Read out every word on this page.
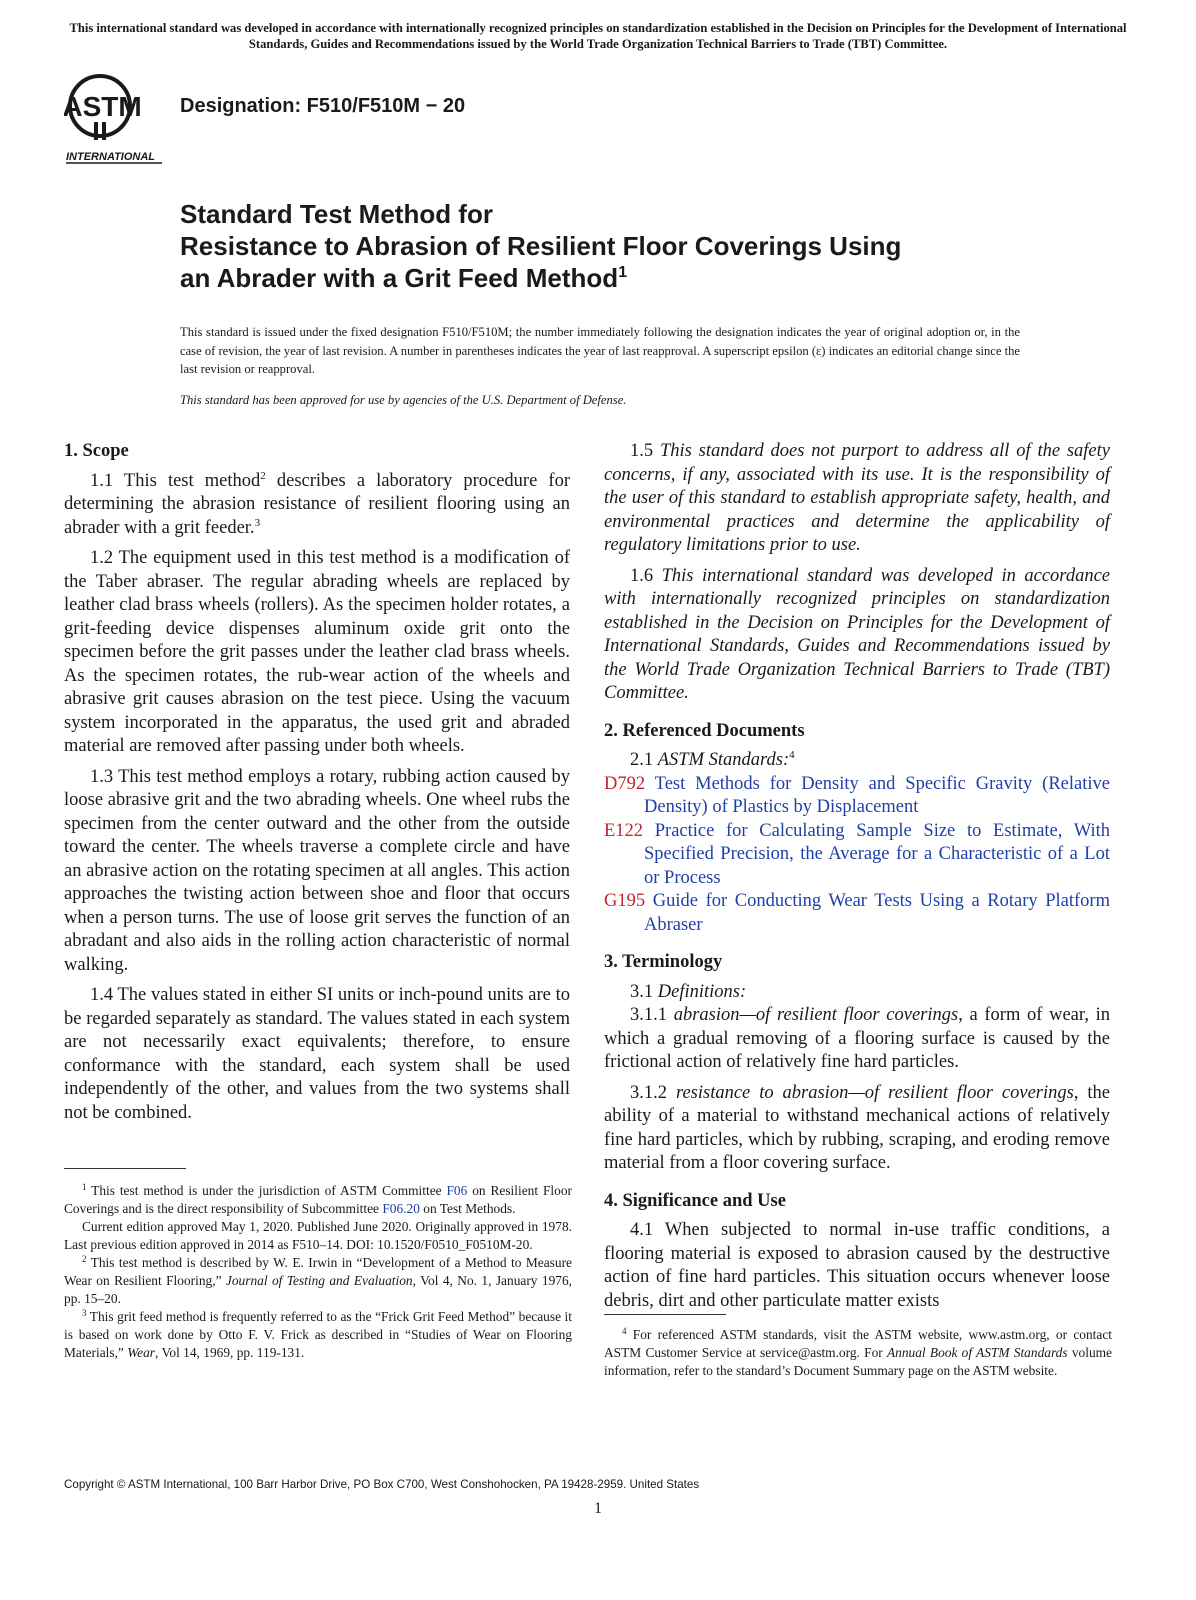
This international standard was developed in accordance with internationally recognized principles on standardization established in the Decision on Principles for the Development of International Standards, Guides and Recommendations issued by the World Trade Organization Technical Barriers to Trade (TBT) Committee.
ASTM
INTERNATIONAL
Designation: F510/F510M − 20
Standard Test Method for
Resistance to Abrasion of Resilient Floor Coverings Using
an Abrader with a Grit Feed Method$^1$
This standard is issued under the fixed designation F510/F510M; the number immediately following the designation indicates the year of original adoption or, in the case of revision, the year of last revision. A number in parentheses indicates the year of last reapproval. A superscript epsilon (ε) indicates an editorial change since the last revision or reapproval.
This standard has been approved for use by agencies of the U.S. Department of Defense.
1. Scope

1.1 This test method$^2$ describes a laboratory procedure for determining the abrasion resistance of resilient flooring using an abrader with a grit feeder.$^3$

1.2 The equipment used in this test method is a modification of the Taber abraser. The regular abrading wheels are replaced by leather clad brass wheels (rollers). As the specimen holder rotates, a grit-feeding device dispenses aluminum oxide grit onto the specimen before the grit passes under the leather clad brass wheels. As the specimen rotates, the rub-wear action of the wheels and abrasive grit causes abrasion on the test piece. Using the vacuum system incorporated in the apparatus, the used grit and abraded material are removed after passing under both wheels.

1.3 This test method employs a rotary, rubbing action caused by loose abrasive grit and the two abrading wheels. One wheel rubs the specimen from the center outward and the other from the outside toward the center. The wheels traverse a complete circle and have an abrasive action on the rotating specimen at all angles. This action approaches the twisting action between shoe and floor that occurs when a person turns. The use of loose grit serves the function of an abradant and also aids in the rolling action characteristic of normal walking.

1.4 The values stated in either SI units or inch-pound units are to be regarded separately as standard. The values stated in each system are not necessarily exact equivalents; therefore, to ensure conformance with the standard, each system shall be used independently of the other, and values from the two systems shall not be combined.

$^1$ This test method is under the jurisdiction of ASTM Committee F06 on Resilient Floor Coverings and is the direct responsibility of Subcommittee F06.20 on Test Methods.

Current edition approved May 1, 2020. Published June 2020. Originally approved in 1978. Last previous edition approved in 2014 as F510–14. DOI: 10.1520/F0510_F0510M-20.

$^2$ This test method is described by W. E. Irwin in “Development of a Method to Measure Wear on Resilient Flooring,” Journal of Testing and Evaluation, Vol 4, No. 1, January 1976, pp. 15–20.

$^3$ This grit feed method is frequently referred to as the “Frick Grit Feed Method” because it is based on work done by Otto F. V. Frick as described in “Studies of Wear on Flooring Materials,” Wear, Vol 14, 1969, pp. 119-131.

1.5 This standard does not purport to address all of the safety concerns, if any, associated with its use. It is the responsibility of the user of this standard to establish appropriate safety, health, and environmental practices and determine the applicability of regulatory limitations prior to use.

1.6 This international standard was developed in accordance with internationally recognized principles on standardization established in the Decision on Principles for the Development of International Standards, Guides and Recommendations issued by the World Trade Organization Technical Barriers to Trade (TBT) Committee.

2. Referenced Documents

2.1 ASTM Standards:$^4$

D792 Test Methods for Density and Specific Gravity (Relative Density) of Plastics by Displacement
E122 Practice for Calculating Sample Size to Estimate, With Specified Precision, the Average for a Characteristic of a Lot or Process
G195 Guide for Conducting Wear Tests Using a Rotary Platform Abraser
3. Terminology

3.1 Definitions:

3.1.1 abrasion—of resilient floor coverings, a form of wear, in which a gradual removing of a flooring surface is caused by the frictional action of relatively fine hard particles.

3.1.2 resistance to abrasion—of resilient floor coverings, the ability of a material to withstand mechanical actions of relatively fine hard particles, which by rubbing, scraping, and eroding remove material from a floor covering surface.

4. Significance and Use

4.1 When subjected to normal in-use traffic conditions, a flooring material is exposed to abrasion caused by the destructive action of fine hard particles. This situation occurs whenever loose debris, dirt and other particulate matter exists

$^4$ For referenced ASTM standards, visit the ASTM website, www.astm.org, or contact ASTM Customer Service at service@astm.org. For Annual Book of ASTM Standards volume information, refer to the standard’s Document Summary page on the ASTM website.

Copyright © ASTM International, 100 Barr Harbor Drive, PO Box C700, West Conshohocken, PA 19428-2959. United States
1
